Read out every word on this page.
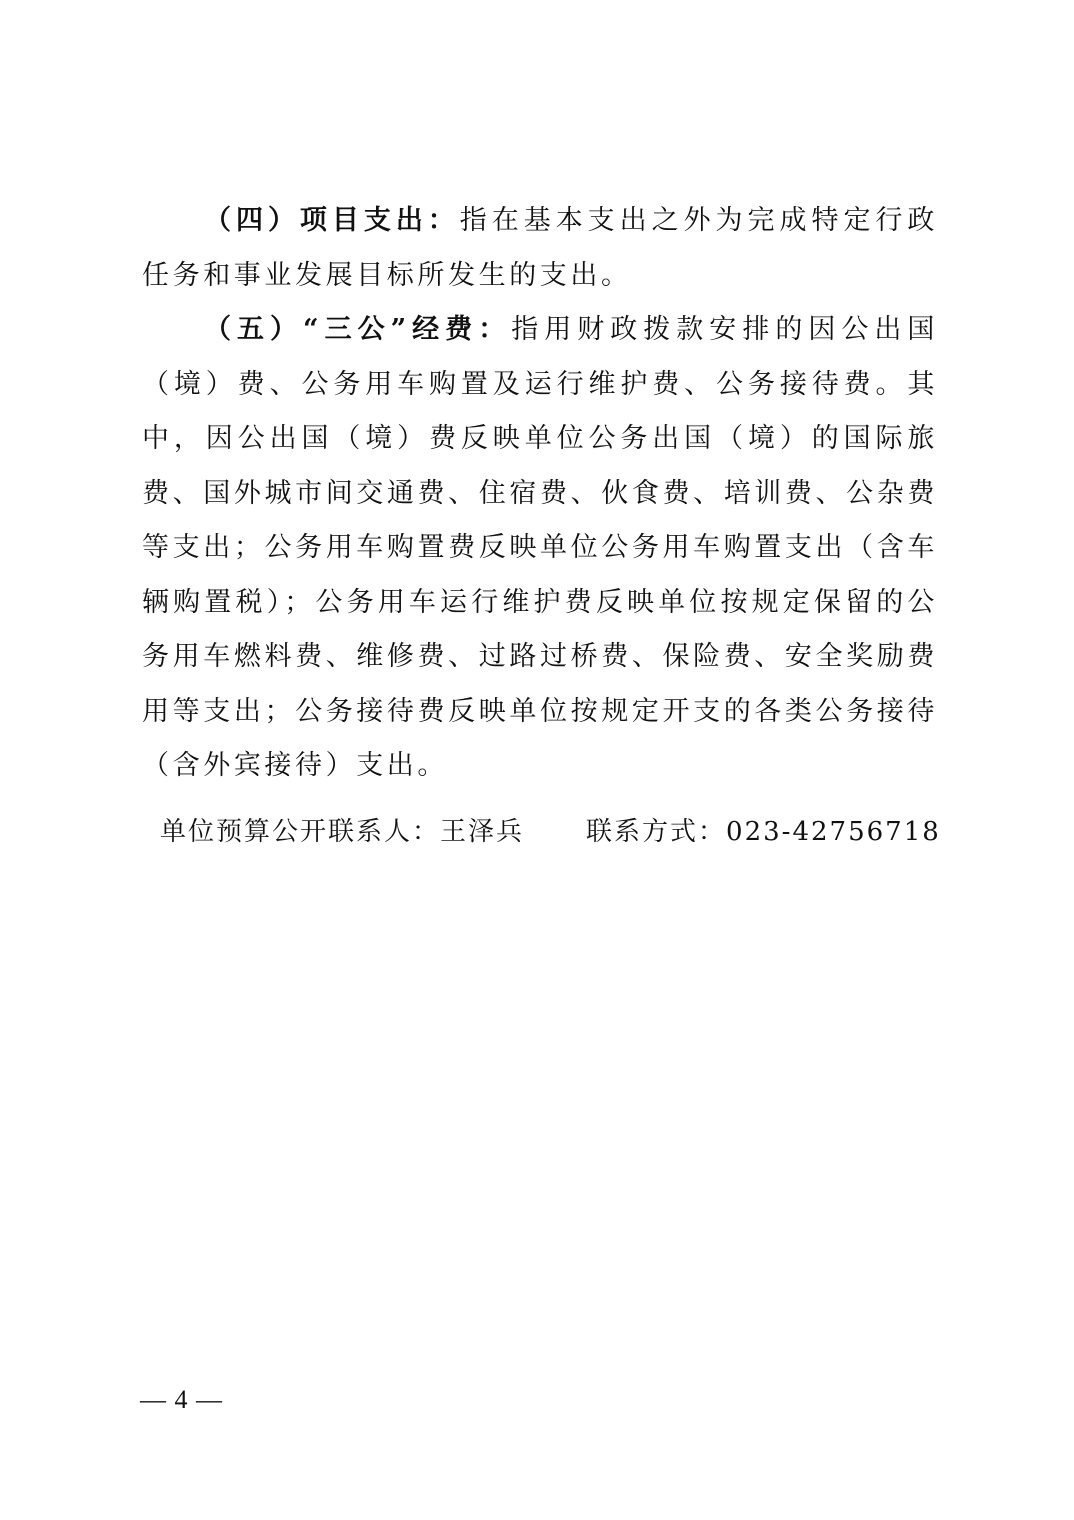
（四）项目支出：指在基本支出之外为完成特定行政任务和事业发展目标所发生的支出。

（五）“三公”经费：指用财政拨款安排的因公出国（境）费、公务用车购置及运行维护费、公务接待费。其中，因公出国（境）费反映单位公务出国（境）的国际旅费、国外城市间交通费、住宿费、伙食费、培训费、公杂费等支出；公务用车购置费反映单位公务用车购置支出（含车辆购置税）；公务用车运行维护费反映单位按规定保留的公务用车燃料费、维修费、过路过桥费、保险费、安全奖励费用等支出；公务接待费反映单位按规定开支的各类公务接待（含外宾接待）支出。

单位预算公开联系人：王泽兵 联系方式：023-42756718
— 4 —
